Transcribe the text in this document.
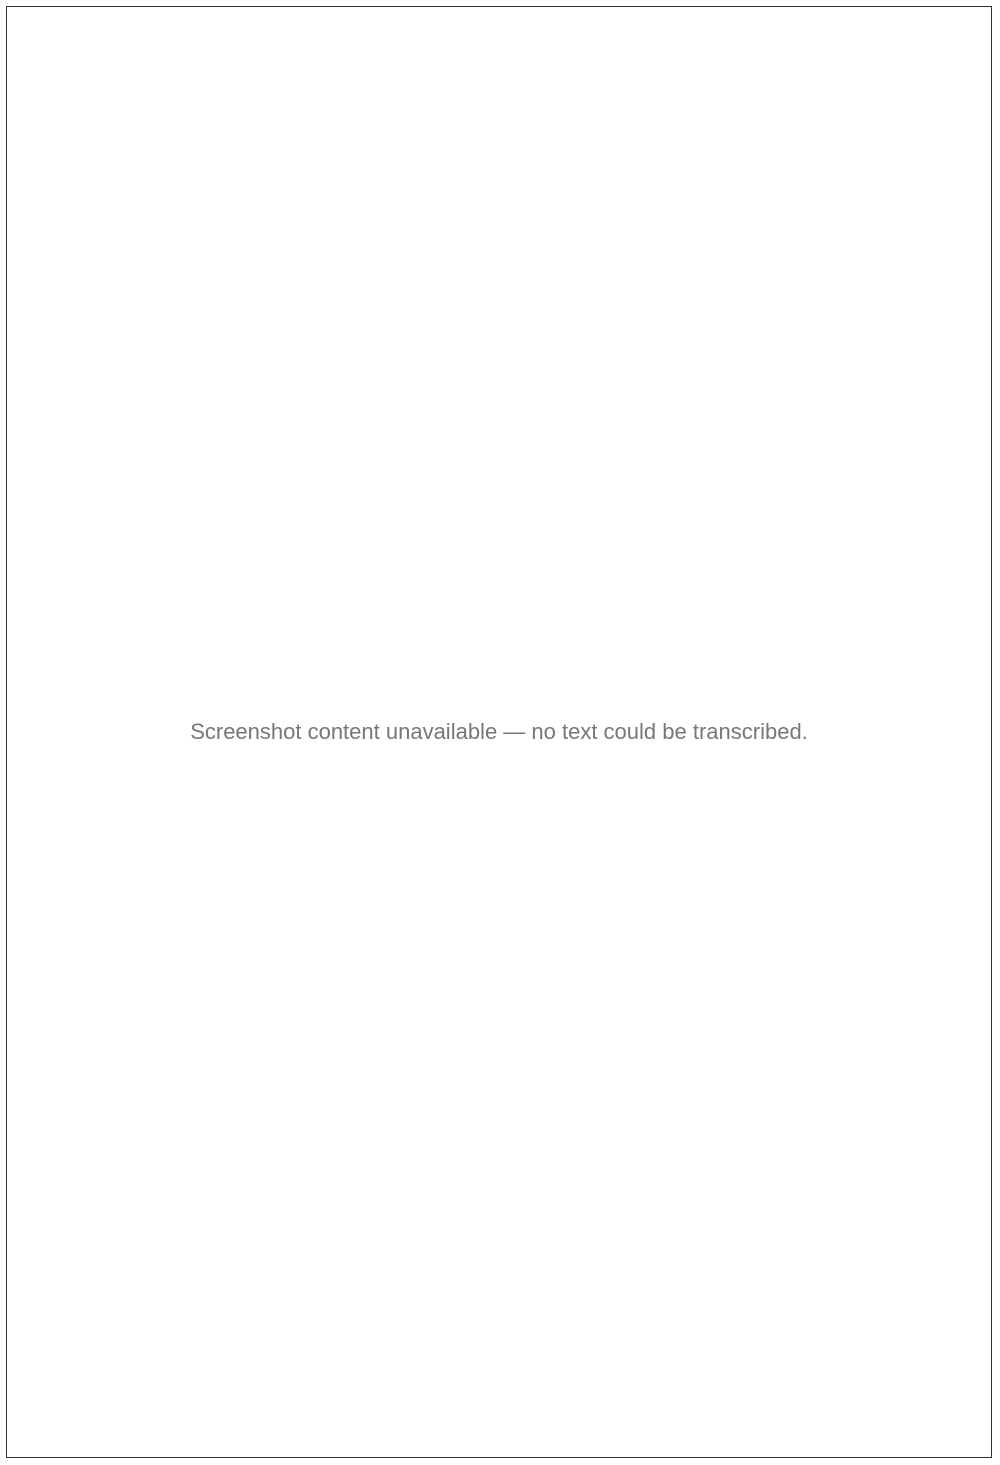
Screenshot content unavailable — no text could be transcribed.
